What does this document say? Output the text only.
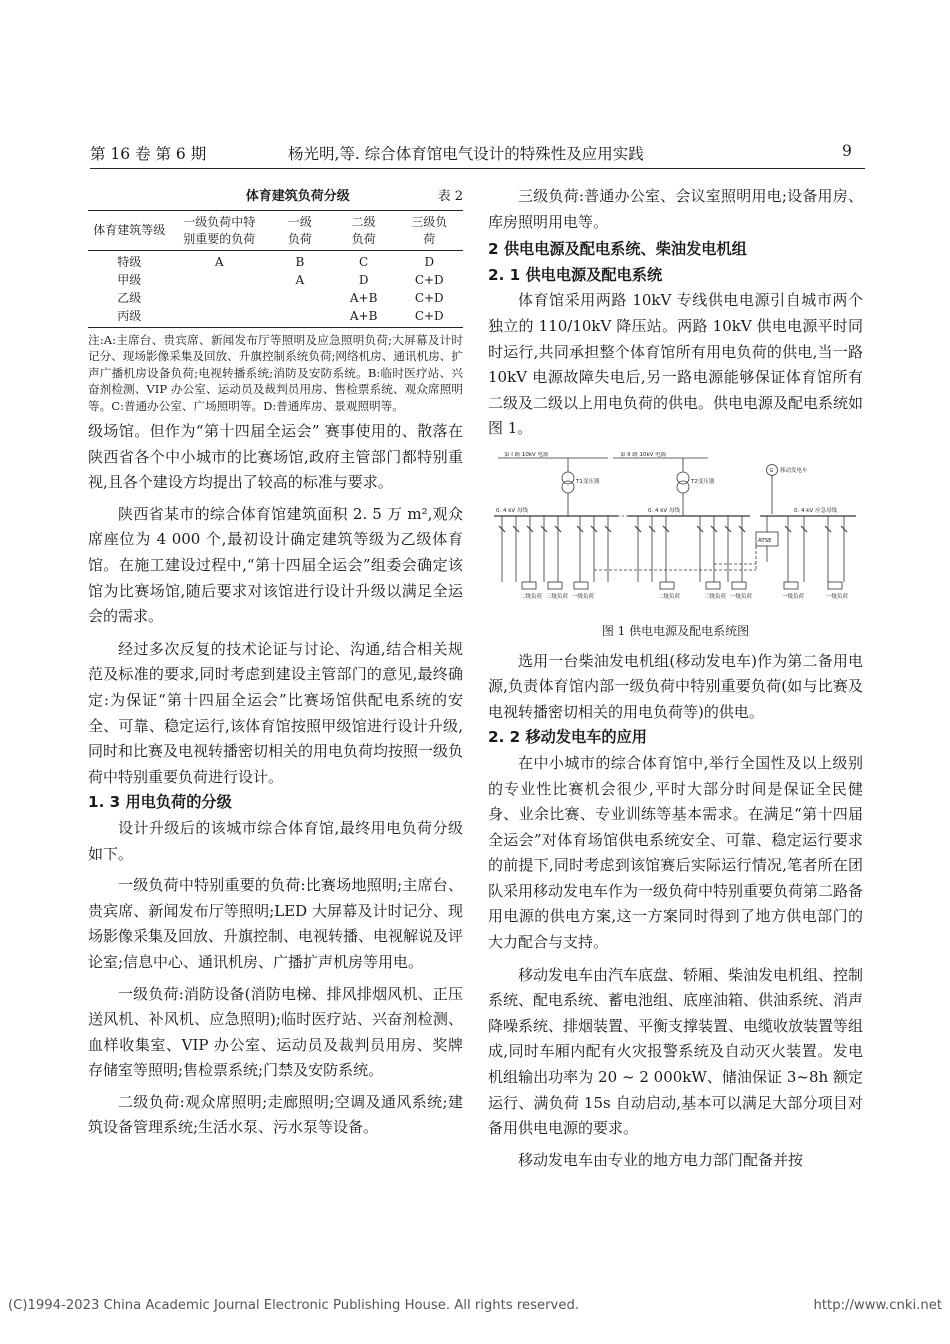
第 16 卷 第 6 期	杨光明,等. 综合体育馆电气设计的特殊性及应用实践	9
体育建筑负荷分级	表 2
体育建筑等级	一级负荷中特别重要的负荷	一级负荷	二级负荷	三级负荷
特级	A	B	C	D
甲级		A	D	C+D
乙级			A+B	C+D
丙级			A+B	C+D

注:A:主席台、贵宾席、新闻发布厅等照明及应急照明负荷;大屏幕及计时记分、现场影像采集及回放、升旗控制系统负荷;网络机房、通讯机房、扩声广播机房设备负荷;电视转播系统;消防及安防系统。B:临时医疗站、兴奋剂检测、VIP 办公室、运动员及裁判员用房、售检票系统、观众席照明等。C:普通办公室、广场照明等。D:普通库房、景观照明等。

级场馆。但作为“第十四届全运会” 赛事使用的、散落在陕西省各个中小城市的比赛场馆,政府主管部门都特别重视,且各个建设方均提出了较高的标准与要求。

陕西省某市的综合体育馆建筑面积 2. 5 万 m²,观众席座位为 4 000 个,最初设计确定建筑等级为乙级体育馆。在施工建设过程中,“第十四届全运会”组委会确定该馆为比赛场馆,随后要求对该馆进行设计升级以满足全运会的需求。

经过多次反复的技术论证与讨论、沟通,结合相关规范及标准的要求,同时考虑到建设主管部门的意见,最终确定:为保证“第十四届全运会”比赛场馆供配电系统的安全、可靠、稳定运行,该体育馆按照甲级馆进行设计升级,同时和比赛及电视转播密切相关的用电负荷均按照一级负荷中特别重要负荷进行设计。

1. 3 用电负荷的分级

设计升级后的该城市综合体育馆,最终用电负荷分级如下。

一级负荷中特别重要的负荷:比赛场地照明;主席台、贵宾席、新闻发布厅等照明;LED 大屏幕及计时记分、现场影像采集及回放、升旗控制、电视转播、电视解说及评论室;信息中心、通讯机房、广播扩声机房等用电。

一级负荷:消防设备(消防电梯、排风排烟风机、正压送风机、补风机、应急照明);临时医疗站、兴奋剂检测、血样收集室、VIP 办公室、运动员及裁判员用房、奖牌存储室等照明;售检票系统;门禁及安防系统。

二级负荷:观众席照明;走廊照明;空调及通风系统;建筑设备管理系统;生活水泵、污水泵等设备。

三级负荷:普通办公室、会议室照明用电;设备用房、库房照明用电等。

2 供电电源及配电系统、柴油发电机组
2. 1 供电电源及配电系统

体育馆采用两路 10kV 专线供电电源引自城市两个独立的 110/10kV 降压站。两路 10kV 供电电源平时同时运行,共同承担整个体育馆所有用电负荷的供电,当一路 10kV 电源故障失电后,另一路电源能够保证体育馆所有二级及二级以上用电负荷的供电。供电电源及配电系统如图 1。

第 I 路 10kV 电源	第 II 路 10kV 电源
T1变压器	T2变压器
G 移动发电车
0. 4 kV 母线	0. 4 kV 母线	0. 4 kV 应急母线
ATSE
二级负荷 三级负荷 一级负荷	二级负荷	三级负荷 一级负荷	一级负荷	一级负荷
图 1 供电电源及配电系统图

选用一台柴油发电机组(移动发电车)作为第二备用电源,负责体育馆内部一级负荷中特别重要负荷(如与比赛及电视转播密切相关的用电负荷等)的供电。

2. 2 移动发电车的应用

在中小城市的综合体育馆中,举行全国性及以上级别的专业性比赛机会很少,平时大部分时间是保证全民健身、业余比赛、专业训练等基本需求。在满足“第十四届全运会”对体育场馆供电系统安全、可靠、稳定运行要求的前提下,同时考虑到该馆赛后实际运行情况,笔者所在团队采用移动发电车作为一级负荷中特别重要负荷第二路备用电源的供电方案,这一方案同时得到了地方供电部门的大力配合与支持。

移动发电车由汽车底盘、轿厢、柴油发电机组、控制系统、配电系统、蓄电池组、底座油箱、供油系统、消声降噪系统、排烟装置、平衡支撑装置、电缆收放装置等组成,同时车厢内配有火灾报警系统及自动灭火装置。发电机组输出功率为 20 ~ 2 000kW、储油保证 3~8h 额定运行、满负荷 15s 自动启动,基本可以满足大部分项目对备用供电电源的要求。

移动发电车由专业的地方电力部门配备并按

(C)1994-2023 China Academic Journal Electronic Publishing House. All rights reserved.	http://www.cnki.net
